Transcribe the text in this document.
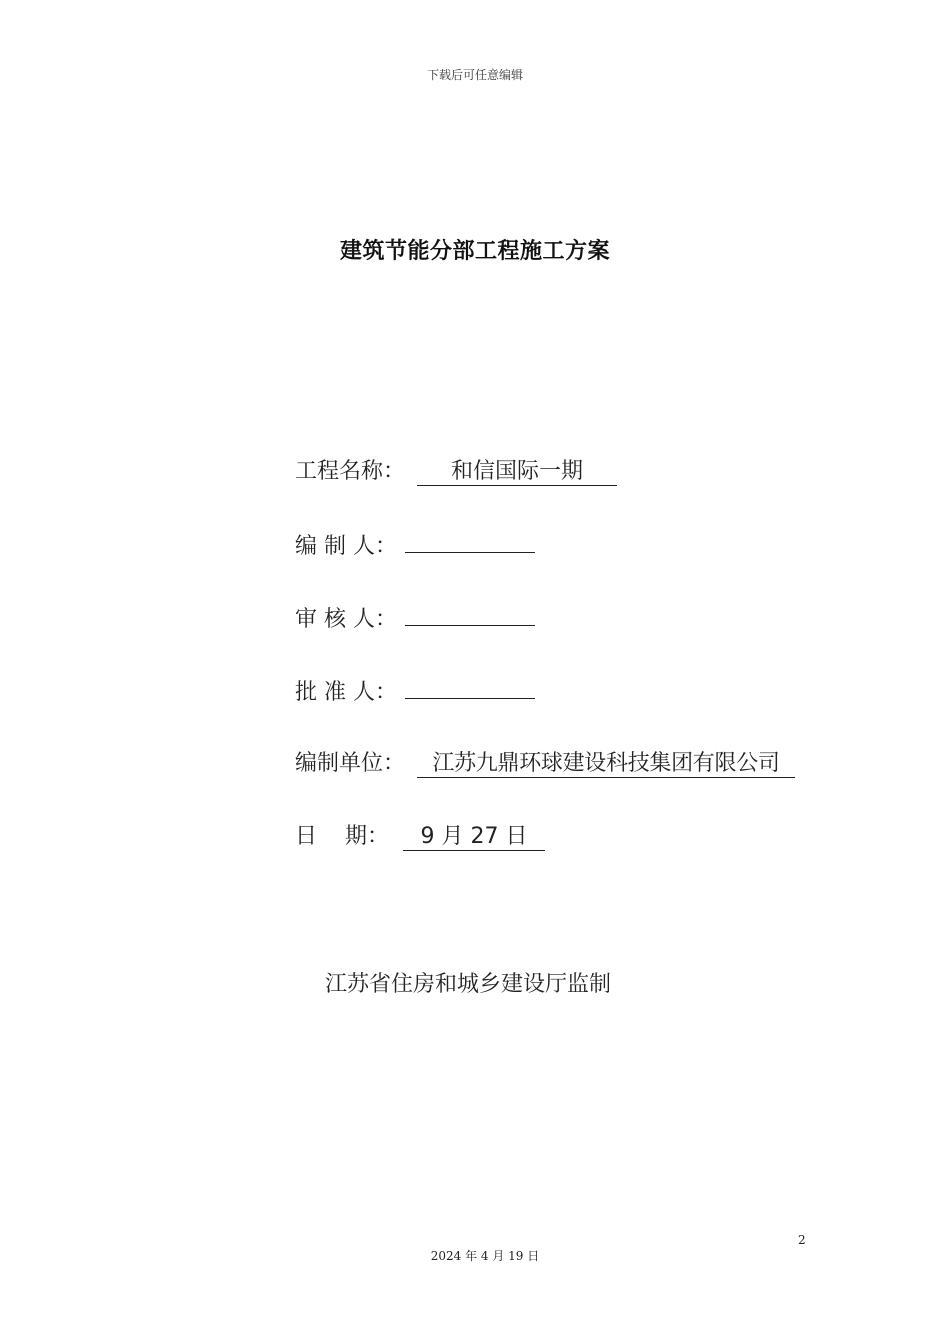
下载后可任意编辑
建筑节能分部工程施工方案
工程名称： 和信国际一期
编 制 人：
审 核 人：
批 准 人：
编制单位： 江苏九鼎环球建设科技集团有限公司
日    期： 9 月 27 日
江苏省住房和城乡建设厅监制
2
2024 年 4 月 19 日
